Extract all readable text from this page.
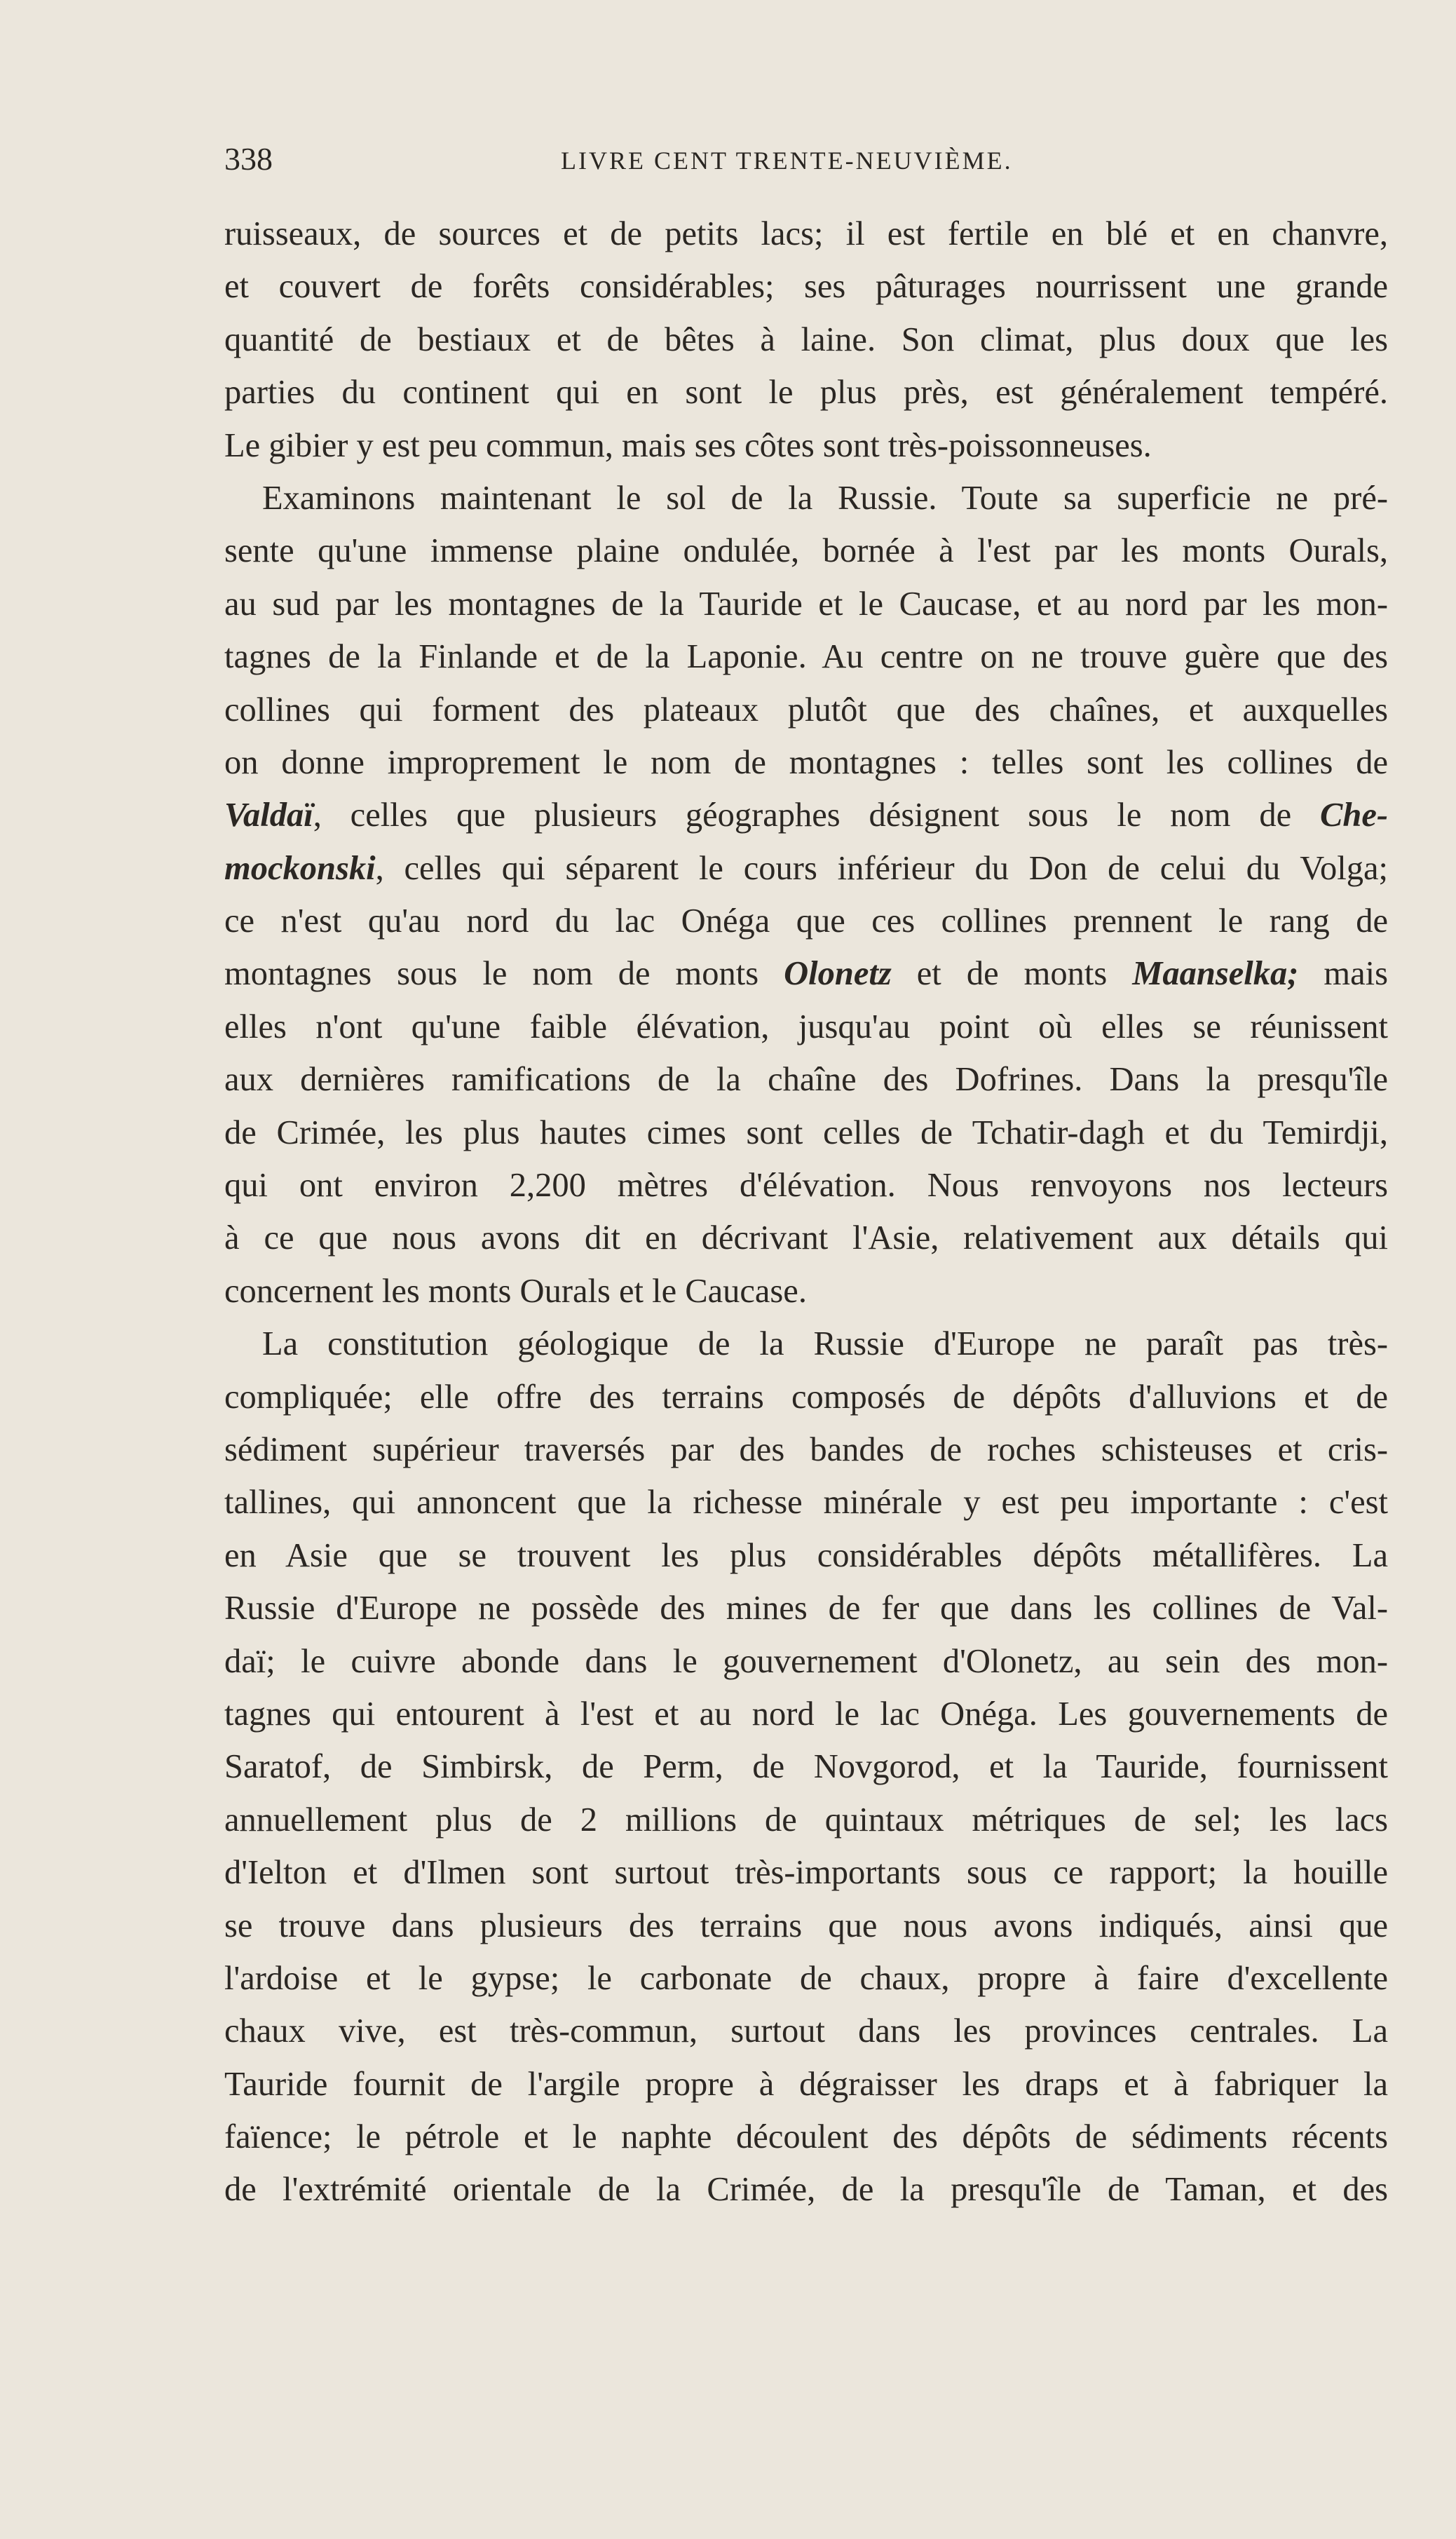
338	LIVRE CENT TRENTE-NEUVIÈME.
ruisseaux, de sources et de petits lacs; il est fertile en blé et en chanvre,
et couvert de forêts considérables; ses pâturages nourrissent une grande
quantité de bestiaux et de bêtes à laine. Son climat, plus doux que les
parties du continent qui en sont le plus près, est généralement tempéré.
Le gibier y est peu commun, mais ses côtes sont très-poissonneuses.
Examinons maintenant le sol de la Russie. Toute sa superficie ne pré-
sente qu'une immense plaine ondulée, bornée à l'est par les monts Ourals,
au sud par les montagnes de la Tauride et le Caucase, et au nord par les mon-
tagnes de la Finlande et de la Laponie. Au centre on ne trouve guère que des
collines qui forment des plateaux plutôt que des chaînes, et auxquelles
on donne improprement le nom de montagnes : telles sont les collines de
Valdaï, celles que plusieurs géographes désignent sous le nom de Che-
mockonski, celles qui séparent le cours inférieur du Don de celui du Volga;
ce n'est qu'au nord du lac Onéga que ces collines prennent le rang de
montagnes sous le nom de monts Olonetz et de monts Maanselka; mais
elles n'ont qu'une faible élévation, jusqu'au point où elles se réunissent
aux dernières ramifications de la chaîne des Dofrines. Dans la presqu'île
de Crimée, les plus hautes cimes sont celles de Tchatir-dagh et du Temirdji,
qui ont environ 2,200 mètres d'élévation. Nous renvoyons nos lecteurs
à ce que nous avons dit en décrivant l'Asie, relativement aux détails qui
concernent les monts Ourals et le Caucase.
La constitution géologique de la Russie d'Europe ne paraît pas très-
compliquée; elle offre des terrains composés de dépôts d'alluvions et de
sédiment supérieur traversés par des bandes de roches schisteuses et cris-
tallines, qui annoncent que la richesse minérale y est peu importante : c'est
en Asie que se trouvent les plus considérables dépôts métallifères. La
Russie d'Europe ne possède des mines de fer que dans les collines de Val-
daï; le cuivre abonde dans le gouvernement d'Olonetz, au sein des mon-
tagnes qui entourent à l'est et au nord le lac Onéga. Les gouvernements de
Saratof, de Simbirsk, de Perm, de Novgorod, et la Tauride, fournissent
annuellement plus de 2 millions de quintaux métriques de sel; les lacs
d'Ielton et d'Ilmen sont surtout très-importants sous ce rapport; la houille
se trouve dans plusieurs des terrains que nous avons indiqués, ainsi que
l'ardoise et le gypse; le carbonate de chaux, propre à faire d'excellente
chaux vive, est très-commun, surtout dans les provinces centrales. La
Tauride fournit de l'argile propre à dégraisser les draps et à fabriquer la
faïence; le pétrole et le naphte découlent des dépôts de sédiments récents
de l'extrémité orientale de la Crimée, de la presqu'île de Taman, et des
